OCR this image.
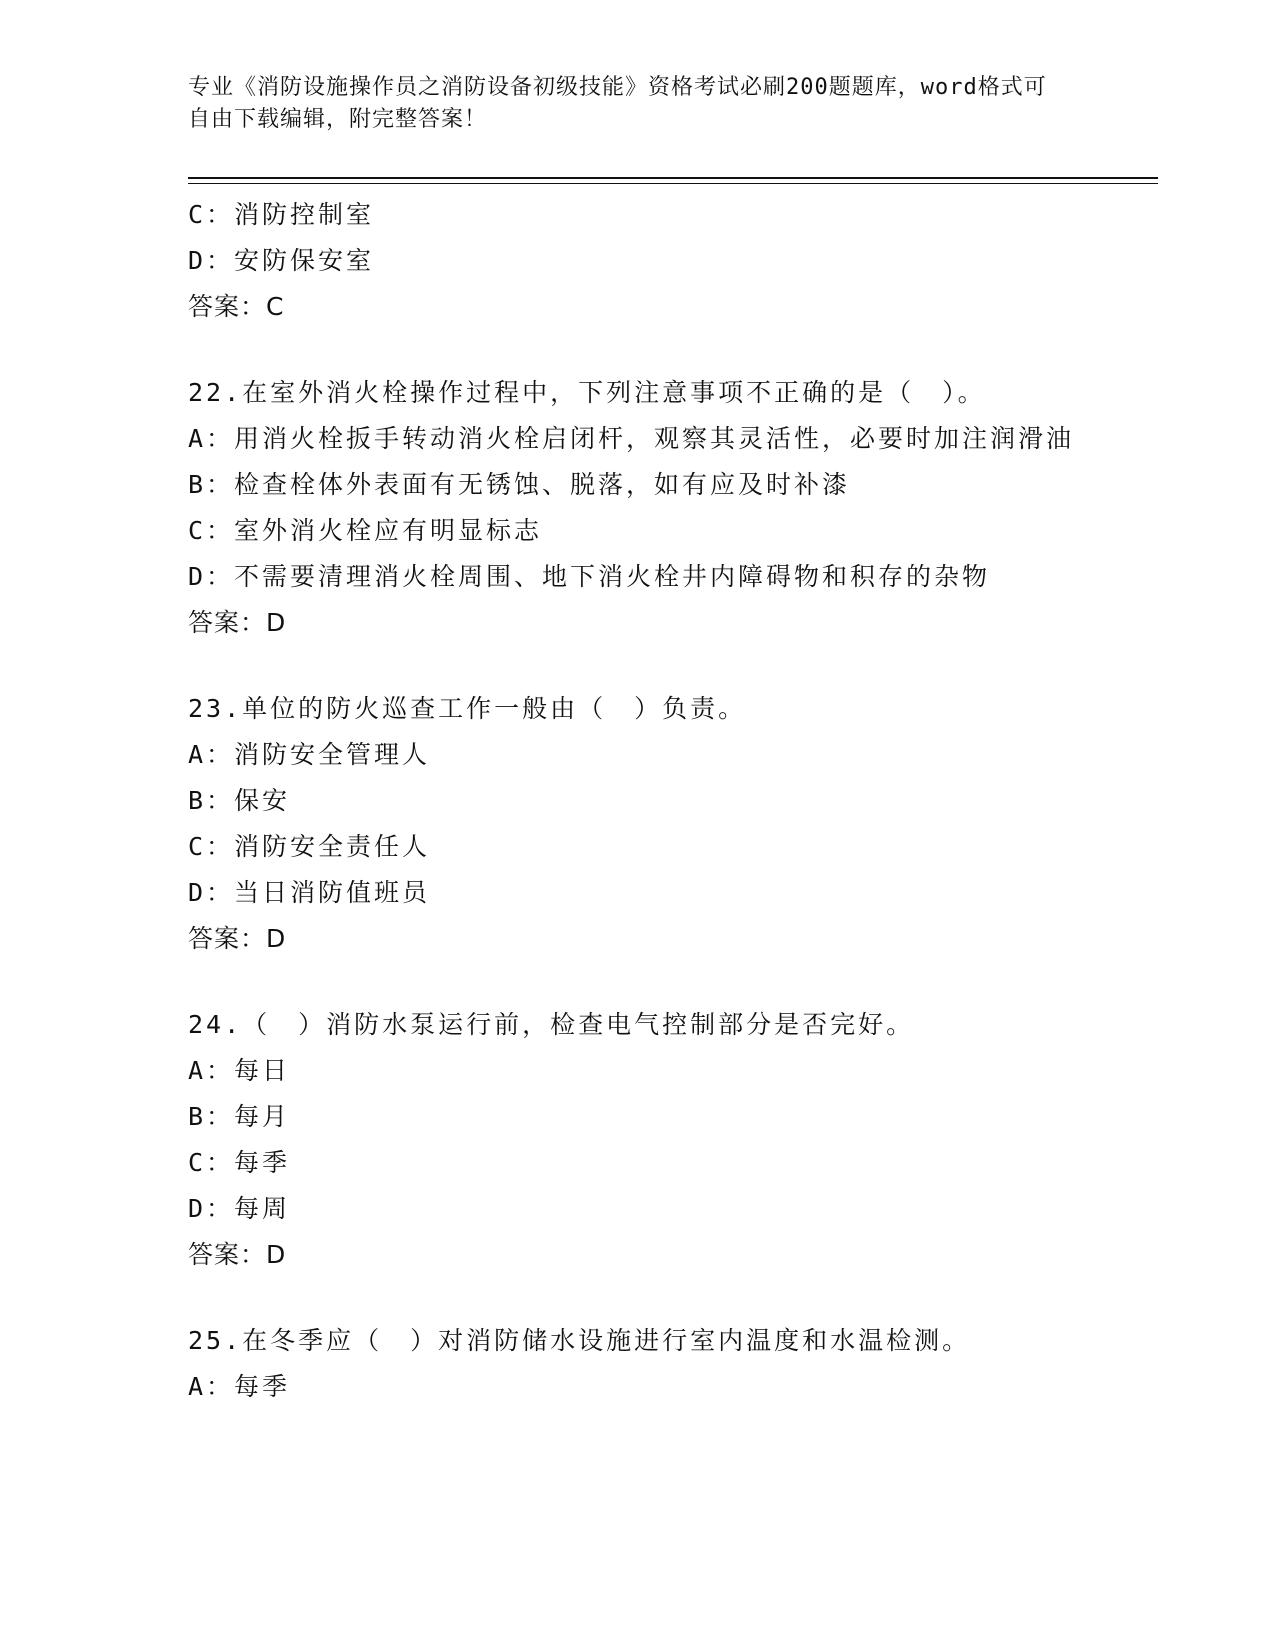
专业《消防设施操作员之消防设备初级技能》资格考试必刷200题题库，word格式可自由下载编辑，附完整答案！
C：消防控制室
D：安防保安室
答案：C
22.在室外消火栓操作过程中，下列注意事项不正确的是（　）。
A：用消火栓扳手转动消火栓启闭杆，观察其灵活性，必要时加注润滑油
B：检查栓体外表面有无锈蚀、脱落，如有应及时补漆
C：室外消火栓应有明显标志
D：不需要清理消火栓周围、地下消火栓井内障碍物和积存的杂物
答案：D
23.单位的防火巡查工作一般由（　）负责。
A：消防安全管理人
B：保安
C：消防安全责任人
D：当日消防值班员
答案：D
24.（　）消防水泵运行前，检查电气控制部分是否完好。
A：每日
B：每月
C：每季
D：每周
答案：D
25.在冬季应（　）对消防储水设施进行室内温度和水温检测。
A：每季
